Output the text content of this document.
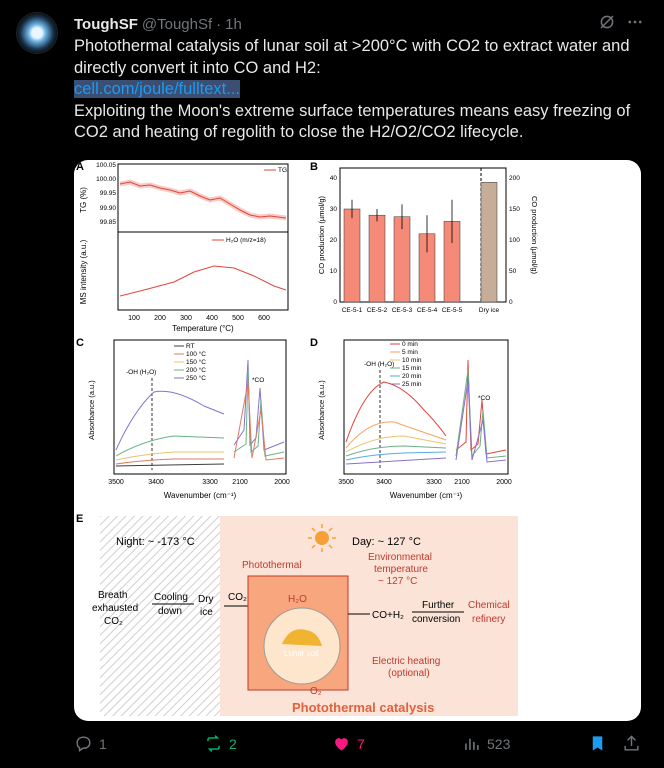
ToughSF @ToughSf · 1h

Photothermal catalysis of lunar soil at >200°C with CO2 to extract water and directly convert it into CO and H2:

cell.com/joule/fulltext...

Exploiting the Moon's extreme surface temperatures means easy freezing of CO2 and heating of regolith to close the H2/O2/CO2 lifecycle.

A
TG (%)
MS intensity (a.u.)
100.05
100.00
99.95
99.90
99.85
TG
H₂O (m/z=18)
100 200 300 400 500 600
Temperature (°C)
B
CO production (µmol/g)	CO production (µmol/g)
40
30
20
10
0
200
150
100
50
0
CE-5-1 CE-5-2 CE-5-3 CE-5-4 CE-5-5	Dry ice
C
Absorbance (a.u.)
RT
100 °C
150 °C
200 °C
250 °C
-OH (H₂O)
*CO
3500	3400	3300 2100	2000
Wavenumber (cm⁻¹)
D
Absorbance (a.u.)
0 min
5 min
10 min
15 min
20 min
25 min
-OH (H₂O)
*CO
3500	3400	3300 2100	2000
Wavenumber (cm⁻¹)
E
Night: ~ -173 °C	Day: ~ 127 °C
Breath
exhausted
CO₂
Cooling
down
Dry
ice
CO₂
Photothermal
Environmental
temperature
~ 127 °C
H₂O
Lunar soil
CO+H₂
Further
conversion
Chemical
refinery
Electric heating
(optional)
O₂
Photothermal catalysis
1	2	7	523
